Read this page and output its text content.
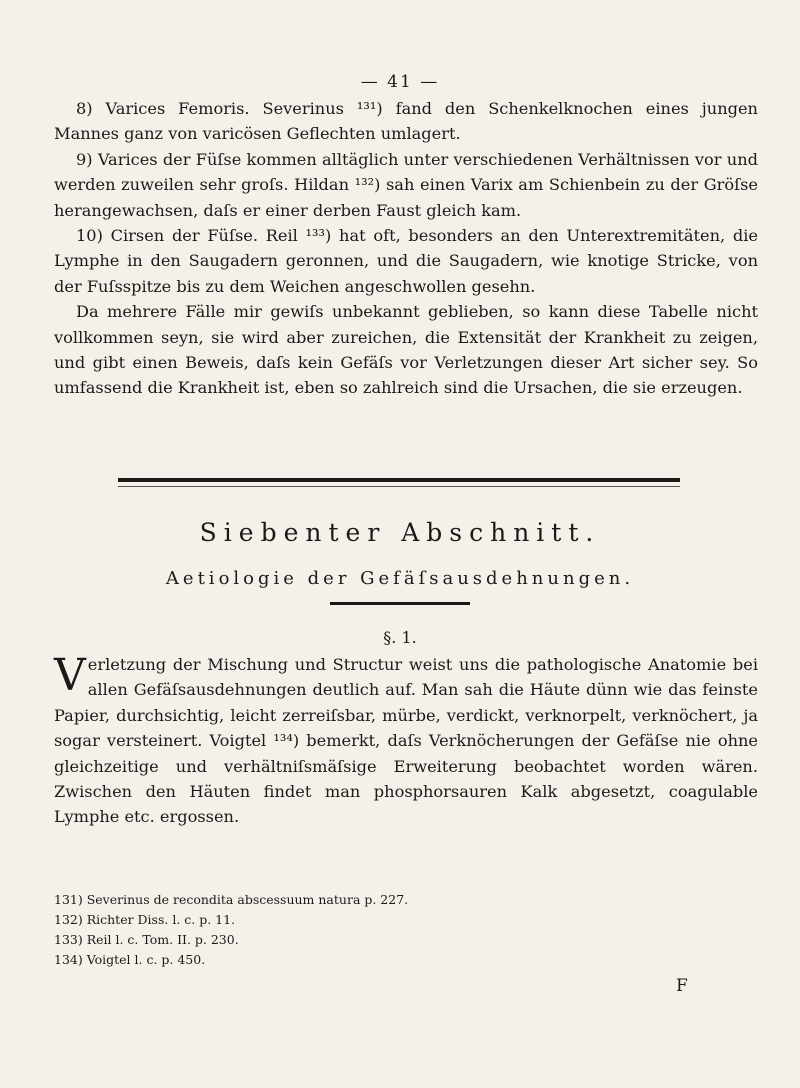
— 41 —

8) Varices Femoris. Severinus ¹³¹) fand den Schenkelknochen eines jungen Mannes ganz von varicösen Geflechten umlagert.

9) Varices der Füſse kommen alltäglich unter verschiedenen Verhältnissen vor und werden zuweilen sehr groſs. Hildan ¹³²) sah einen Varix am Schienbein zu der Gröſse herangewachsen, daſs er einer derben Faust gleich kam.

10) Cirsen der Füſse. Reil ¹³³) hat oft, besonders an den Unterextremitäten, die Lymphe in den Saugadern geronnen, und die Saugadern, wie knotige Stricke, von der Fuſsspitze bis zu dem Weichen angeschwollen gesehn.

Da mehrere Fälle mir gewiſs unbekannt geblieben, so kann diese Tabelle nicht vollkommen seyn, sie wird aber zureichen, die Extensität der Krankheit zu zeigen, und gibt einen Beweis, daſs kein Gefäſs vor Verletzungen dieser Art sicher sey. So umfassend die Krankheit ist, eben so zahlreich sind die Ursachen, die sie erzeugen.

Siebenter Abschnitt.
Aetiologie der Gefäſsausdehnungen.
§. 1.

Verletzung der Mischung und Structur weist uns die pathologische Anatomie bei allen Gefäſsausdehnungen deutlich auf. Man sah die Häute dünn wie das feinste Papier, durchsichtig, leicht zerreiſsbar, mürbe, verdickt, verknorpelt, verknöchert, ja sogar versteinert. Voigtel ¹³⁴) bemerkt, daſs Verknöcherungen der Gefäſse nie ohne gleichzeitige und verhältniſsmäſsige Erweiterung beobachtet worden wären. Zwischen den Häuten findet man phosphorsauren Kalk abgesetzt, coagulable Lymphe etc. ergossen.

131) Severinus de recondita abscessuum natura p. 227.
132) Richter Diss. l. c. p. 11.
133) Reil l. c. Tom. II. p. 230.
134) Voigtel l. c. p. 450.
F
